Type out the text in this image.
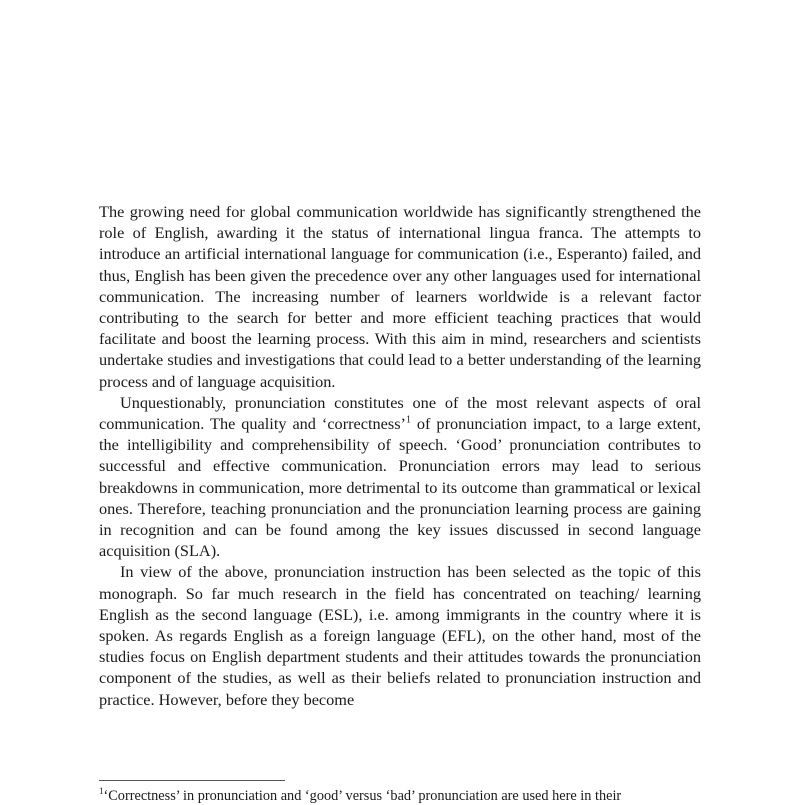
The growing need for global communication worldwide has significantly strengthened the role of English, awarding it the status of international lingua franca. The attempts to introduce an artificial international language for communication (i.e., Esperanto) failed, and thus, English has been given the precedence over any other languages used for international communication. The increasing number of learners worldwide is a relevant factor contributing to the search for better and more efficient teaching practices that would facilitate and boost the learning process. With this aim in mind, researchers and scientists undertake studies and investigations that could lead to a better understanding of the learning process and of language acquisition.

Unquestionably, pronunciation constitutes one of the most relevant aspects of oral communication. The quality and ‘correctness’$^1$ of pronunciation impact, to a large extent, the intelligibility and comprehensibility of speech. ‘Good’ pronunciation contributes to successful and effective communication. Pronunciation errors may lead to serious breakdowns in communication, more detrimental to its outcome than grammatical or lexical ones. Therefore, teaching pronunciation and the pronunciation learning process are gaining in recognition and can be found among the key issues discussed in second language acquisition (SLA).

In view of the above, pronunciation instruction has been selected as the topic of this monograph. So far much research in the field has concentrated on teaching/ learning English as the second language (ESL), i.e. among immigrants in the country where it is spoken. As regards English as a foreign language (EFL), on the other hand, most of the studies focus on English department students and their attitudes towards the pronunciation component of the studies, as well as their beliefs related to pronunciation instruction and practice. However, before they become

$^1$‘Correctness’ in pronunciation and ‘good’ versus ‘bad’ pronunciation are used here in their
